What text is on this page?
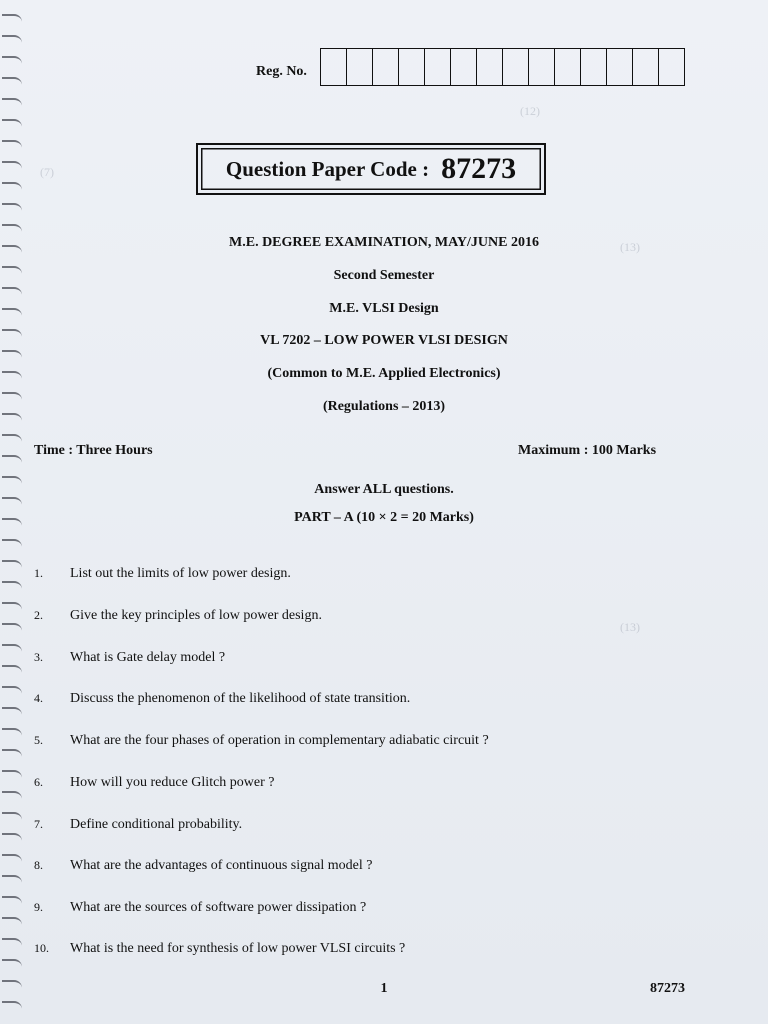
(12)
(7)
(13)
(13)
Reg. No.
Question Paper Code : 87273
M.E. DEGREE EXAMINATION, MAY/JUNE 2016
Second Semester
M.E. VLSI Design
VL 7202 – LOW POWER VLSI DESIGN
(Common to M.E. Applied Electronics)
(Regulations – 2013)
Time : Three Hours	Maximum : 100 Marks
Answer ALL questions.
PART – A (10 × 2 = 20 Marks)
1.	List out the limits of low power design.
2.	Give the key principles of low power design.
3.	What is Gate delay model ?
4.	Discuss the phenomenon of the likelihood of state transition.
5.	What are the four phases of operation in complementary adiabatic circuit ?
6.	How will you reduce Glitch power ?
7.	Define conditional probability.
8.	What are the advantages of continuous signal model ?
9.	What are the sources of software power dissipation ?
10.	What is the need for synthesis of low power VLSI circuits ?
1	87273
